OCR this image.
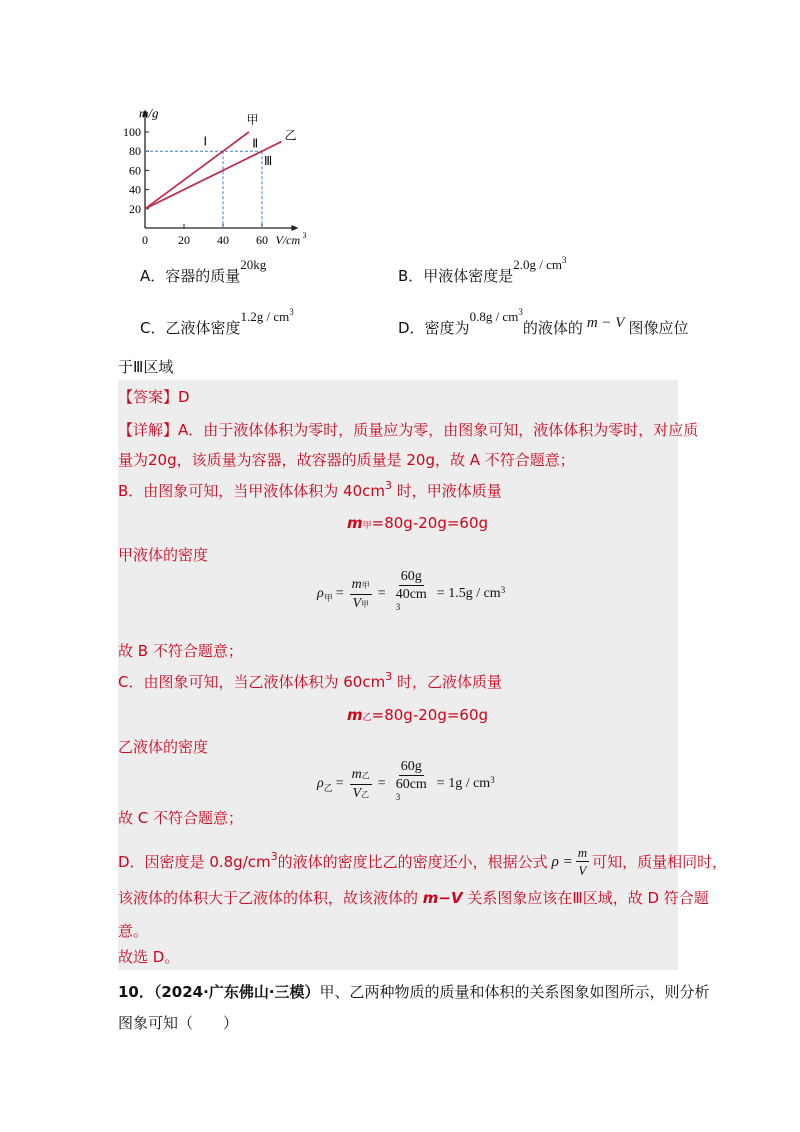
100
80
60
40
20
0	20 40 60
m/g
V/cm 3
甲
乙
Ⅰ	Ⅱ
Ⅲ
A．容器的质量20kg
B．甲液体密度是$2.0g / cm^3$
C．乙液体密度$1.2g / cm^3$
D．密度为$0.8g / cm^3$的液体的 m − V 图像应位
于Ⅲ区域
【答案】D
【详解】A．由于液体体积为零时，质量应为零，由图象可知，液体体积为零时，对应质
量为20g，该质量为容器，故容器的质量是 20g，故 A 不符合题意；
B．由图象可知，当甲液体体积为 $40cm^3$ 时，甲液体质量
m甲=80g-20g=60g
甲液体的密度
ρ 甲 = $\frac{\text{m甲}}{\text{V甲}} = 60g$
40cm
3 = 1.5g / cm 3
故 B 不符合题意；
C．由图象可知，当乙液体体积为 $60cm^3$ 时，乙液体质量
m乙=80g-20g=60g
乙液体的密度
ρ 乙 = $\frac{\text{m乙}}{\text{V乙}} = 60g$
60cm
3 = 1g / cm 3
故 C 不符合题意；
D．因密度是 0.8g/cm 3 的液体的密度比乙的密度还小，根据公式 $\rho = \frac{m}{V}$ 可知，质量相同时，
该液体的体积大于乙液体的体积，故该液体的 m−V 关系图象应该在Ⅲ区域，故 D 符合题
意。
故选 D。
10．（2024·广东佛山·三模）甲、乙两种物质的质量和体积的关系图象如图所示，则分析
图象可知（　　）
